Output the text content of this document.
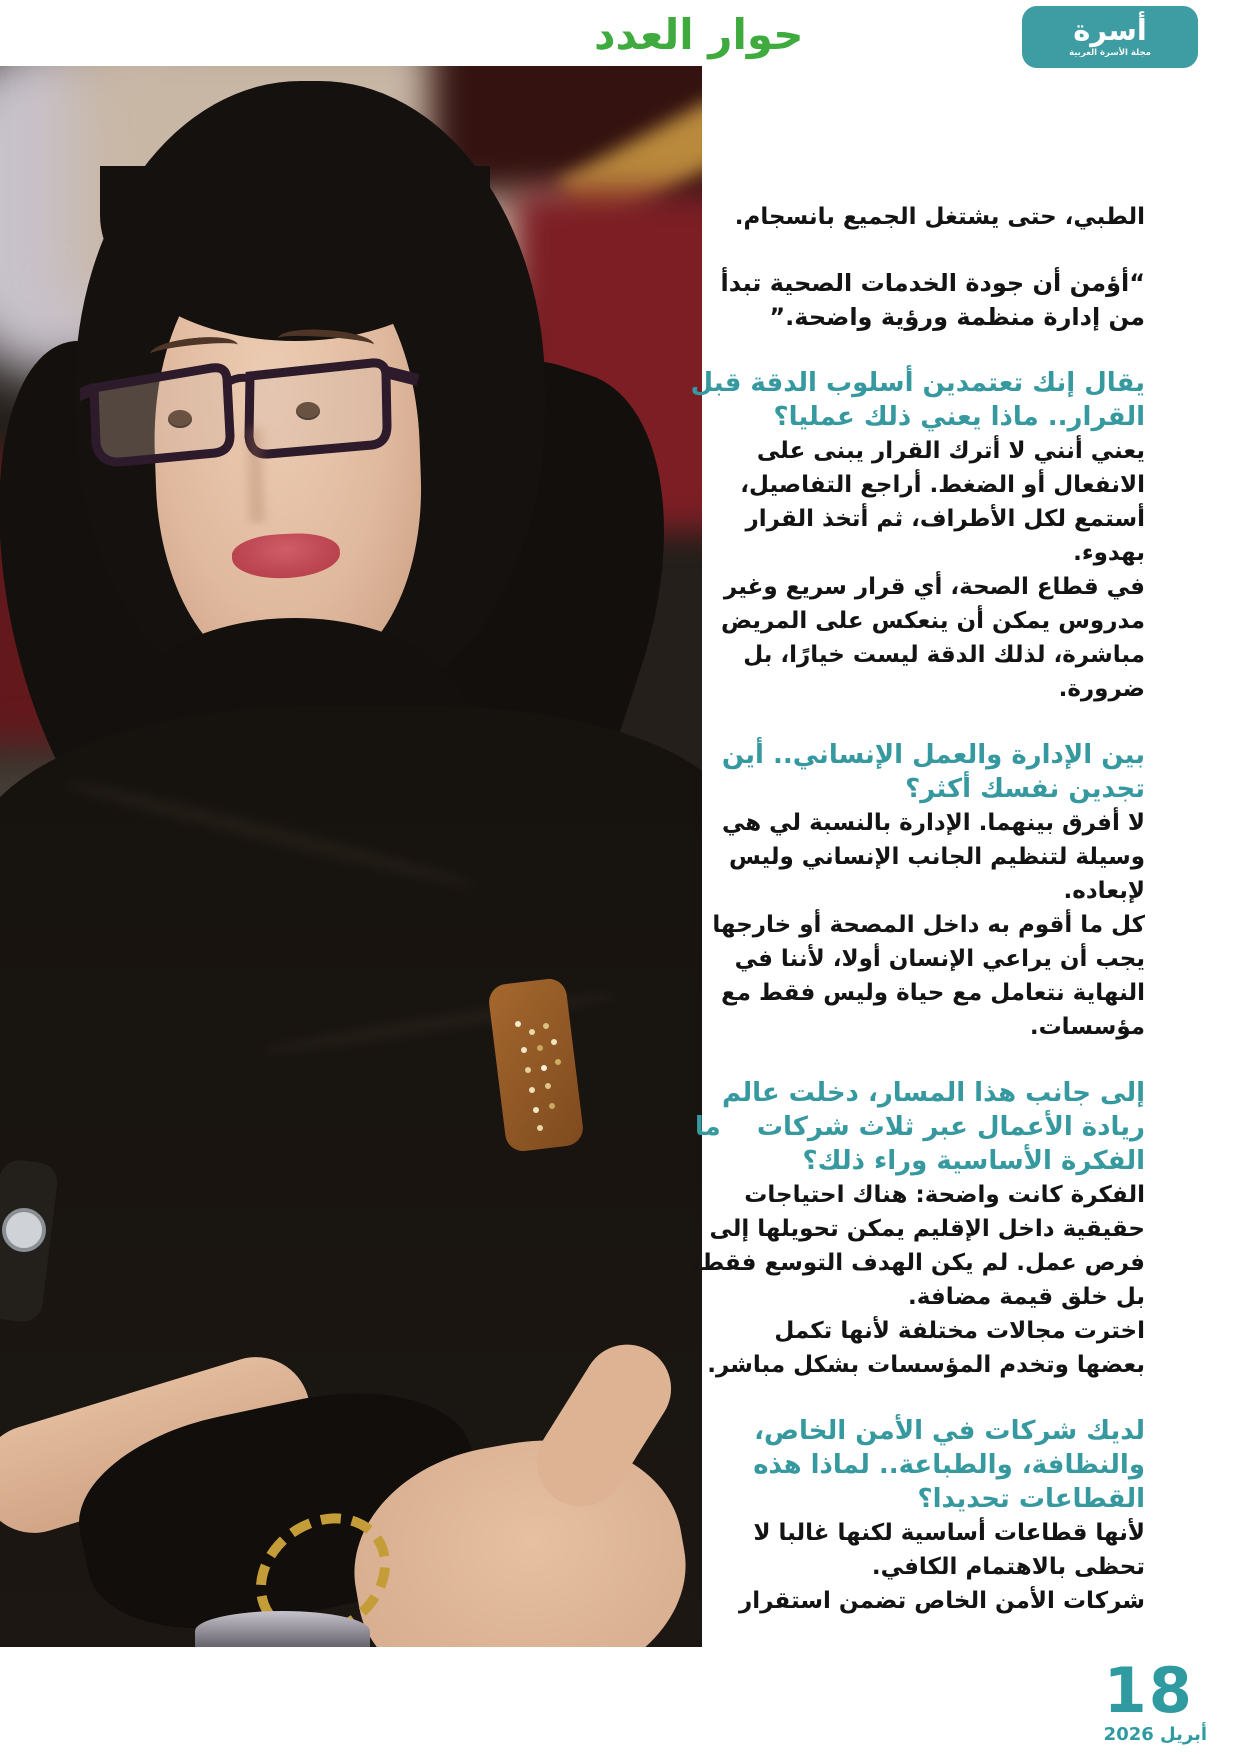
أسرة
مجلة الأسرة العربية
حوار العدد
الطبي، حتى يشتغل الجميع بانسجام.
“أؤمن أن جودة الخدمات الصحية تبدأ
من إدارة منظمة ورؤية واضحة.”
يقال إنك تعتمدين أسلوب الدقة قبل
القرار.. ماذا يعني ذلك عمليا؟
يعني أنني لا أترك القرار يبنى على
الانفعال أو الضغط. أراجع التفاصيل،
أستمع لكل الأطراف، ثم أتخذ القرار
بهدوء.
في قطاع الصحة، أي قرار سريع وغير
مدروس يمكن أن ينعكس على المريض
مباشرة، لذلك الدقة ليست خيارًا، بل
ضرورة.
بين الإدارة والعمل الإنساني.. أين
تجدين نفسك أكثر؟
لا أفرق بينهما. الإدارة بالنسبة لي هي
وسيلة لتنظيم الجانب الإنساني وليس
لإبعاده.
كل ما أقوم به داخل المصحة أو خارجها
يجب أن يراعي الإنسان أولا، لأننا في
النهاية نتعامل مع حياة وليس فقط مع
مؤسسات.
إلى جانب هذا المسار، دخلت عالم
ريادة الأعمال عبر ثلاث شركات    ما
الفكرة الأساسية وراء ذلك؟
الفكرة كانت واضحة: هناك احتياجات
حقيقية داخل الإقليم يمكن تحويلها إلى
فرص عمل. لم يكن الهدف التوسع فقط،
بل خلق قيمة مضافة.
اخترت مجالات مختلفة لأنها تكمل
بعضها وتخدم المؤسسات بشكل مباشر.
لديك شركات في الأمن الخاص،
والنظافة، والطباعة.. لماذا هذه
القطاعات تحديدا؟
لأنها قطاعات أساسية لكنها غالبا لا
تحظى بالاهتمام الكافي.
شركات الأمن الخاص تضمن استقرار
18
أبريل 2026
